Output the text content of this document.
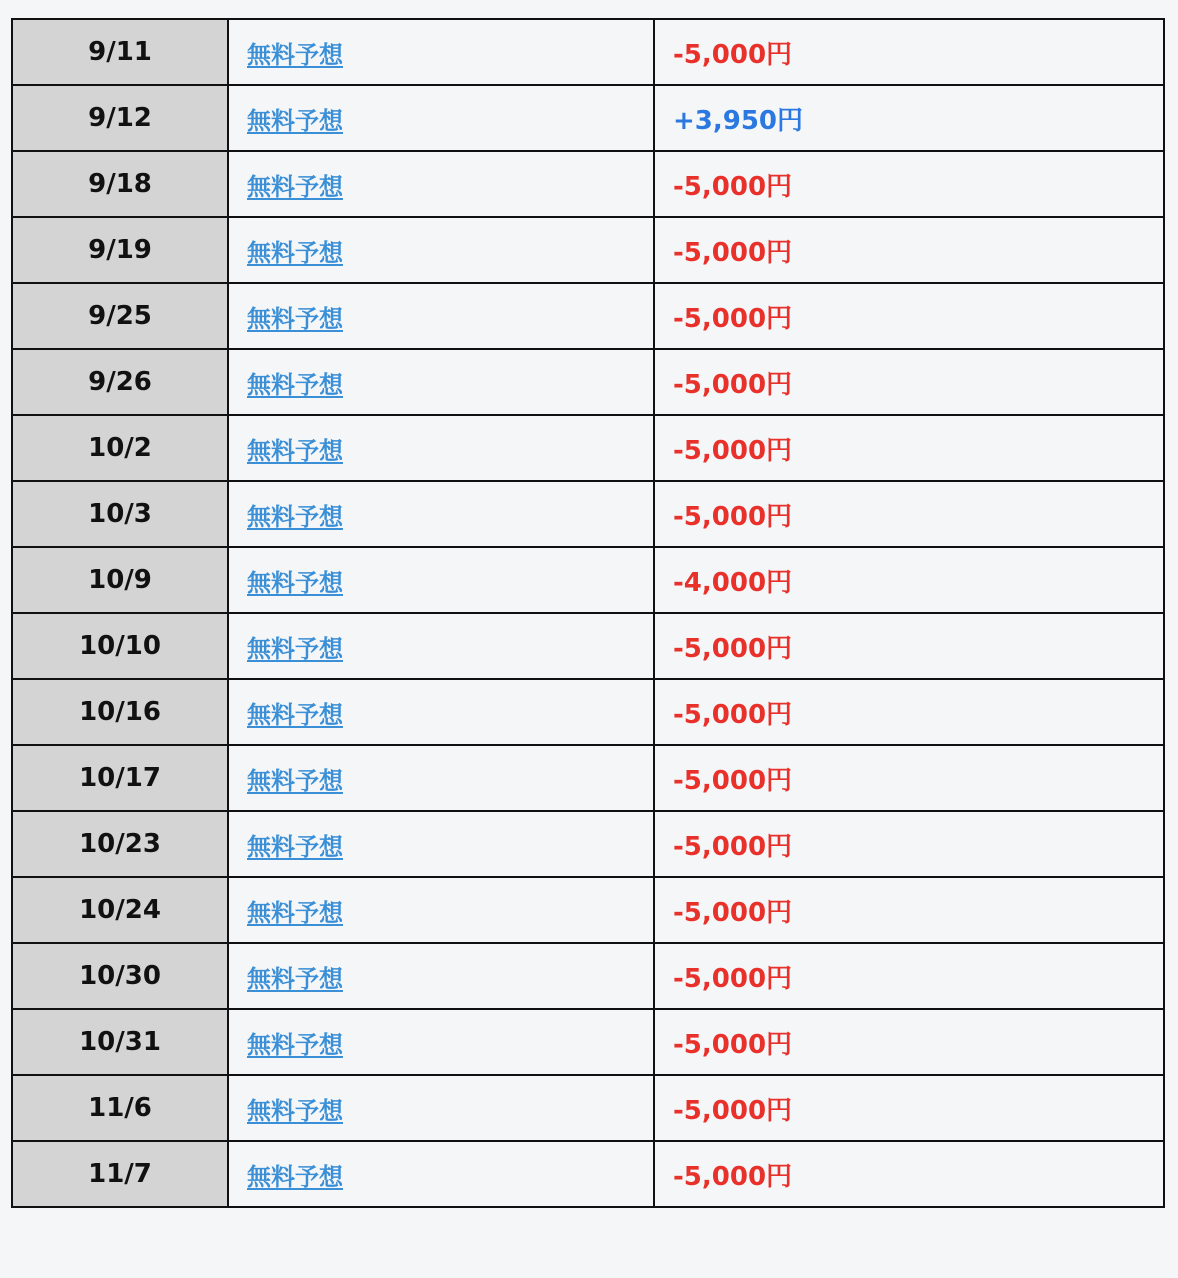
9/11	無料予想	-5,000円
9/12	無料予想	+3,950円
9/18	無料予想	-5,000円
9/19	無料予想	-5,000円
9/25	無料予想	-5,000円
9/26	無料予想	-5,000円
10/2	無料予想	-5,000円
10/3	無料予想	-5,000円
10/9	無料予想	-4,000円
10/10	無料予想	-5,000円
10/16	無料予想	-5,000円
10/17	無料予想	-5,000円
10/23	無料予想	-5,000円
10/24	無料予想	-5,000円
10/30	無料予想	-5,000円
10/31	無料予想	-5,000円
11/6	無料予想	-5,000円
11/7	無料予想	-5,000円
